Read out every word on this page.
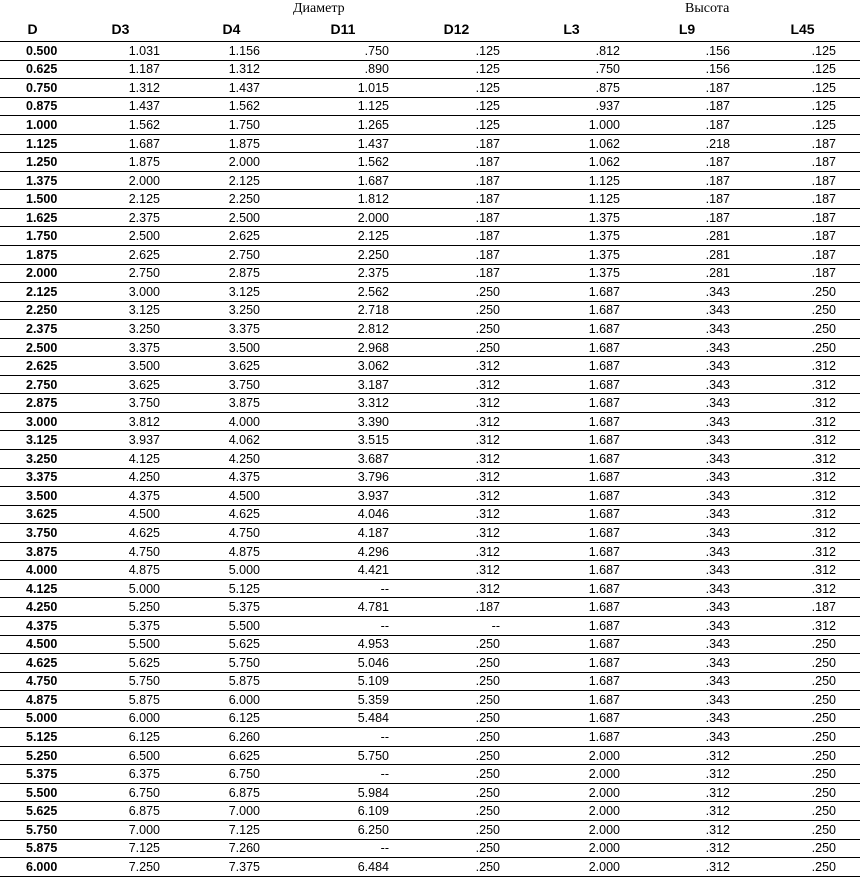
Диаметр	Высота
D	D3	D4	D11	D12	L3	L9	L45
0.500	1.031	1.156	.750	.125	.812	.156	.125
0.625	1.187	1.312	.890	.125	.750	.156	.125
0.750	1.312	1.437	1.015	.125	.875	.187	.125
0.875	1.437	1.562	1.125	.125	.937	.187	.125
1.000	1.562	1.750	1.265	.125	1.000	.187	.125
1.125	1.687	1.875	1.437	.187	1.062	.218	.187
1.250	1.875	2.000	1.562	.187	1.062	.187	.187
1.375	2.000	2.125	1.687	.187	1.125	.187	.187
1.500	2.125	2.250	1.812	.187	1.125	.187	.187
1.625	2.375	2.500	2.000	.187	1.375	.187	.187
1.750	2.500	2.625	2.125	.187	1.375	.281	.187
1.875	2.625	2.750	2.250	.187	1.375	.281	.187
2.000	2.750	2.875	2.375	.187	1.375	.281	.187
2.125	3.000	3.125	2.562	.250	1.687	.343	.250
2.250	3.125	3.250	2.718	.250	1.687	.343	.250
2.375	3.250	3.375	2.812	.250	1.687	.343	.250
2.500	3.375	3.500	2.968	.250	1.687	.343	.250
2.625	3.500	3.625	3.062	.312	1.687	.343	.312
2.750	3.625	3.750	3.187	.312	1.687	.343	.312
2.875	3.750	3.875	3.312	.312	1.687	.343	.312
3.000	3.812	4.000	3.390	.312	1.687	.343	.312
3.125	3.937	4.062	3.515	.312	1.687	.343	.312
3.250	4.125	4.250	3.687	.312	1.687	.343	.312
3.375	4.250	4.375	3.796	.312	1.687	.343	.312
3.500	4.375	4.500	3.937	.312	1.687	.343	.312
3.625	4.500	4.625	4.046	.312	1.687	.343	.312
3.750	4.625	4.750	4.187	.312	1.687	.343	.312
3.875	4.750	4.875	4.296	.312	1.687	.343	.312
4.000	4.875	5.000	4.421	.312	1.687	.343	.312
4.125	5.000	5.125	--	.312	1.687	.343	.312
4.250	5.250	5.375	4.781	.187	1.687	.343	.187
4.375	5.375	5.500	--	--	1.687	.343	.312
4.500	5.500	5.625	4.953	.250	1.687	.343	.250
4.625	5.625	5.750	5.046	.250	1.687	.343	.250
4.750	5.750	5.875	5.109	.250	1.687	.343	.250
4.875	5.875	6.000	5.359	.250	1.687	.343	.250
5.000	6.000	6.125	5.484	.250	1.687	.343	.250
5.125	6.125	6.260	--	.250	1.687	.343	.250
5.250	6.500	6.625	5.750	.250	2.000	.312	.250
5.375	6.375	6.750	--	.250	2.000	.312	.250
5.500	6.750	6.875	5.984	.250	2.000	.312	.250
5.625	6.875	7.000	6.109	.250	2.000	.312	.250
5.750	7.000	7.125	6.250	.250	2.000	.312	.250
5.875	7.125	7.260	--	.250	2.000	.312	.250
6.000	7.250	7.375	6.484	.250	2.000	.312	.250
